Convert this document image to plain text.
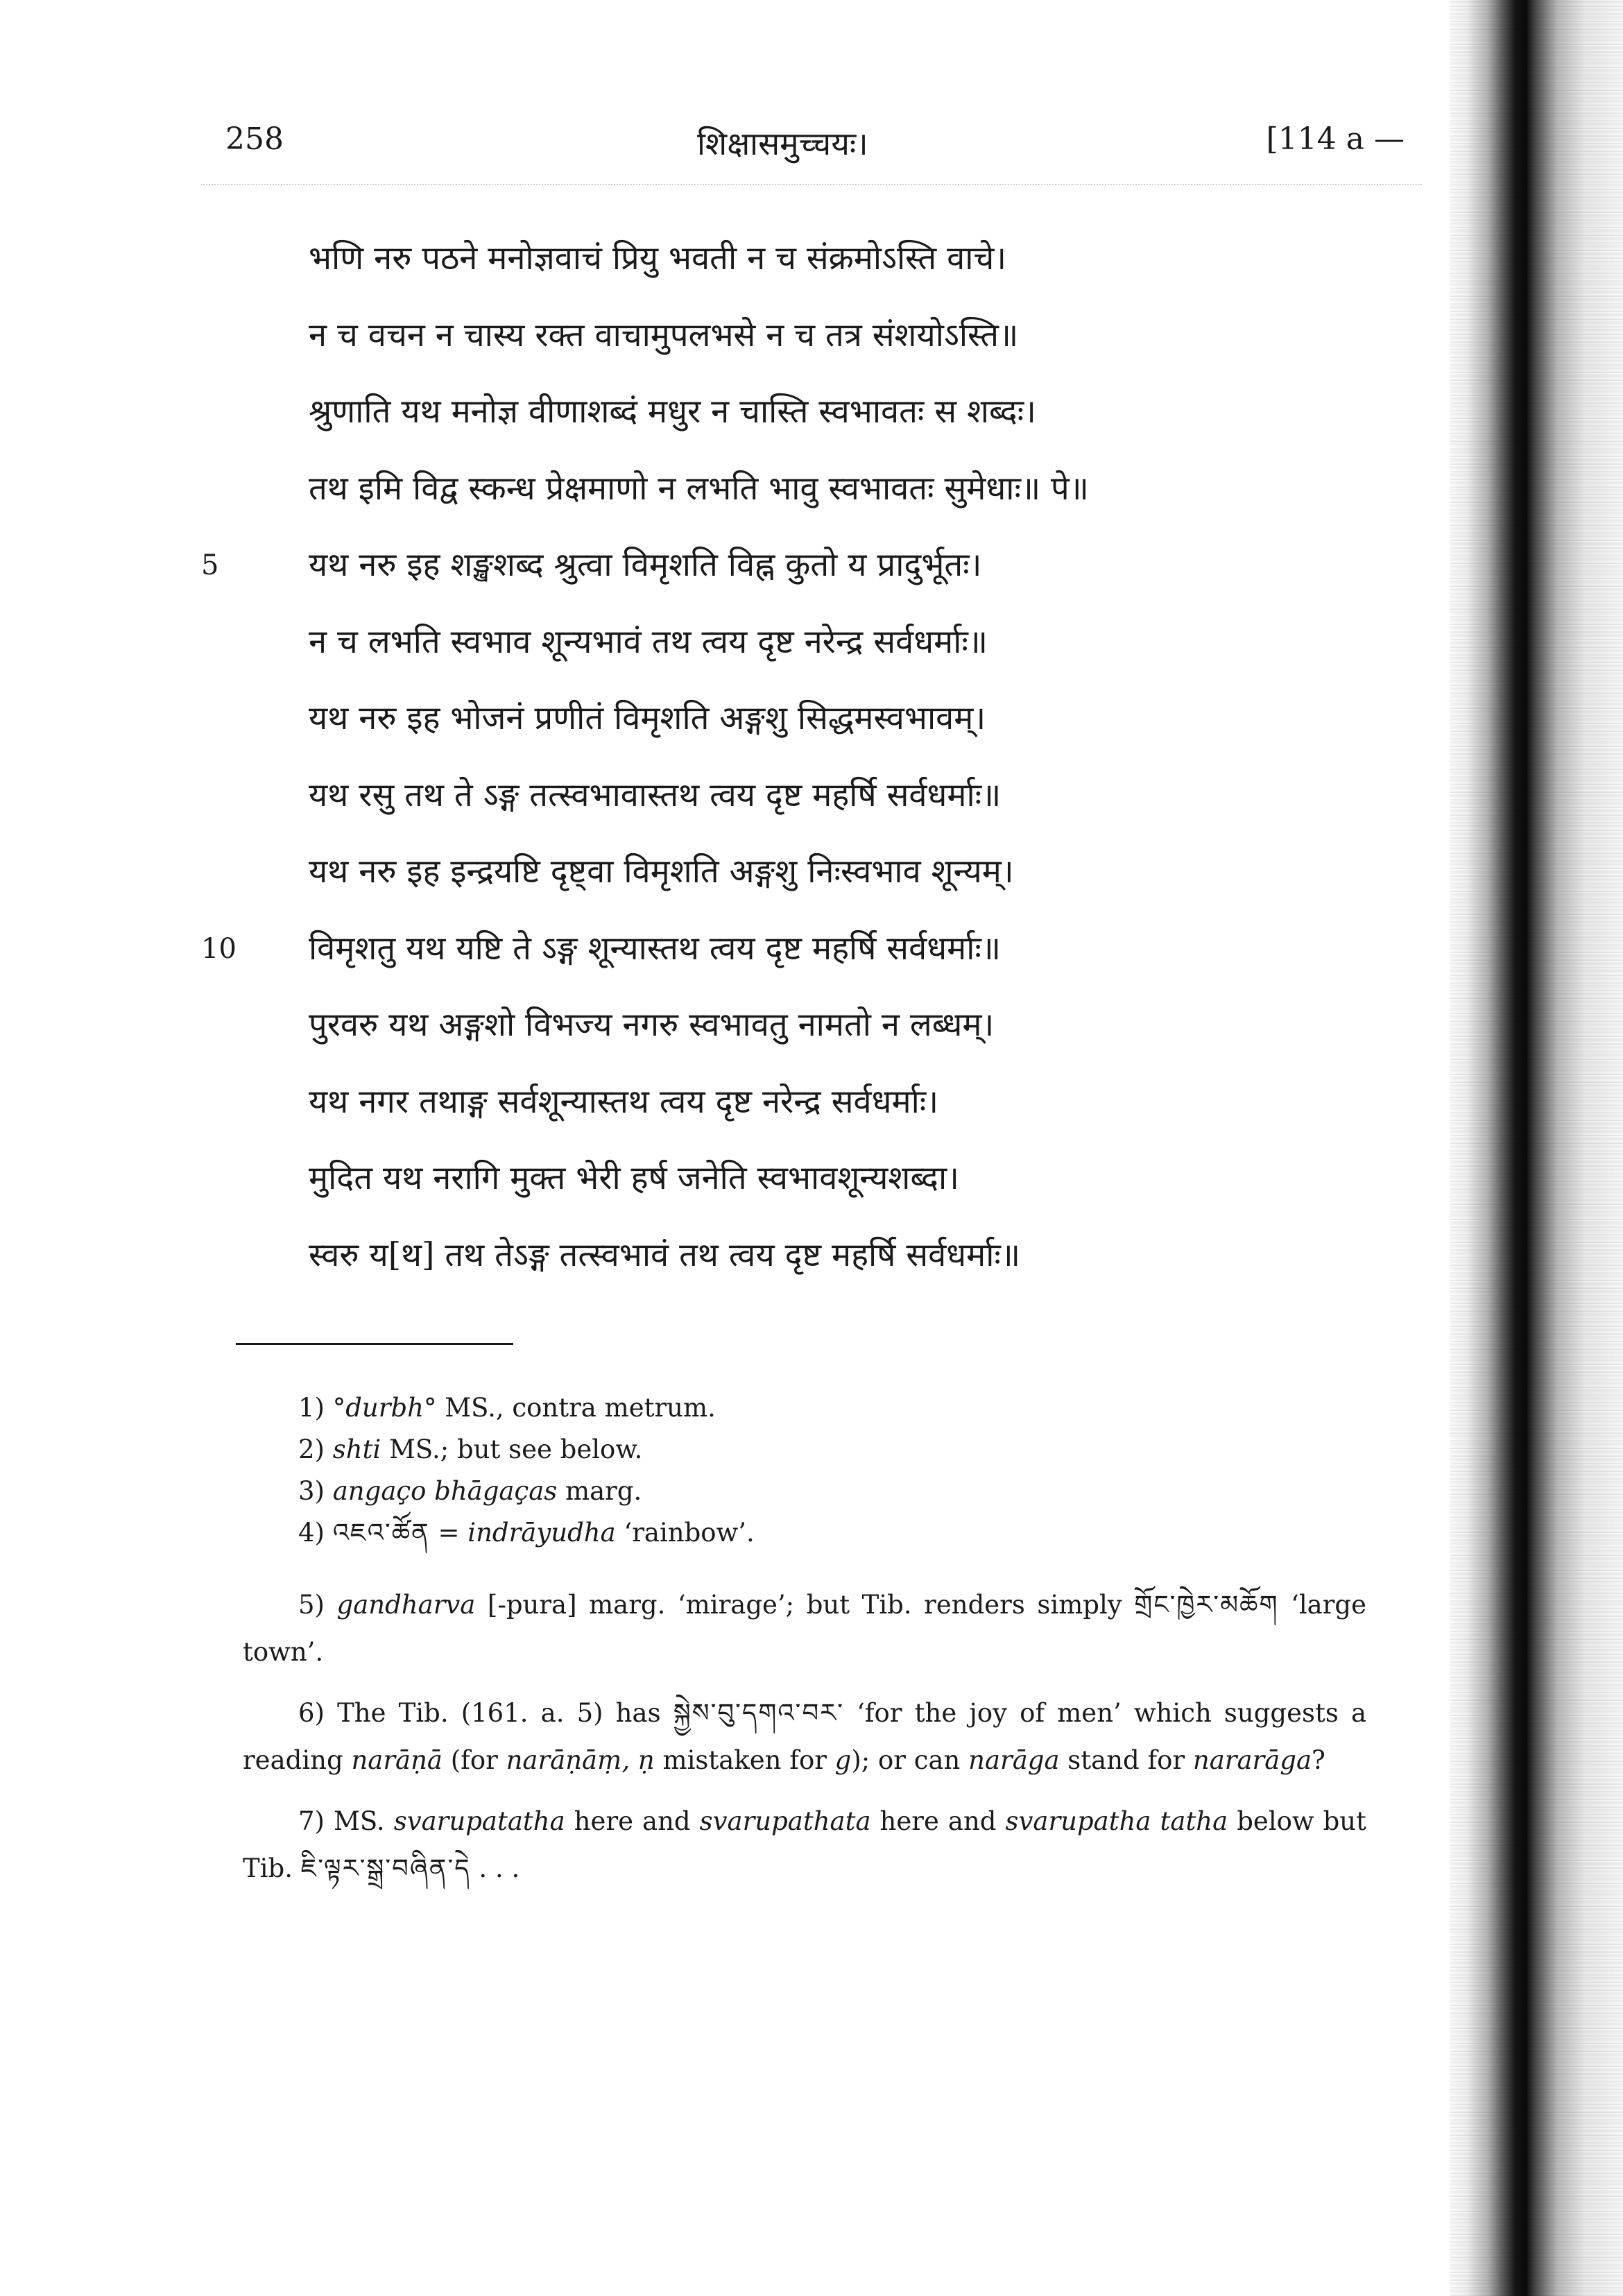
258	शिक्षासमुच्चयः।	[114 a —
भणि नरु पठने मनोज्ञवाचं प्रियु भवती न च संक्रमोऽस्ति वाचे।
न च वचन न चास्य रक्त वाचामुपलभसे न च तत्र संशयोऽस्ति॥
श्रुणाति यथ मनोज्ञ वीणाशब्दं मधुर न चास्ति स्वभावतः स शब्दः।
तथ इमि विद्व स्कन्ध प्रेक्षमाणो न लभति भावु स्वभावतः सुमेधाः॥ पे॥
5	यथ नरु इह शङ्खशब्द श्रुत्वा विमृशति विह्न कुतो य प्रादुर्भूतः।
न च लभति स्वभाव शून्यभावं तथ त्वय दृष्ट नरेन्द्र सर्वधर्माः॥
यथ नरु इह भोजनं प्रणीतं विमृशति अङ्गशु सिद्धमस्वभावम्।
यथ रसु तथ ते ऽङ्ग तत्स्वभावास्तथ त्वय दृष्ट महर्षि सर्वधर्माः॥
यथ नरु इह इन्द्रयष्टि दृष्ट्वा विमृशति अङ्गशु निःस्वभाव शून्यम्।
10 विमृशतु यथ यष्टि ते ऽङ्ग शून्यास्तथ त्वय दृष्ट महर्षि सर्वधर्माः॥
पुरवरु यथ अङ्गशो विभज्य नगरु स्वभावतु नामतो न लब्धम्।
यथ नगर तथाङ्ग सर्वशून्यास्तथ त्वय दृष्ट नरेन्द्र सर्वधर्माः।
मुदित यथ नरागि मुक्त भेरी हर्ष जनेति स्वभावशून्यशब्दा।
स्वरु य[थ] तथ तेऽङ्ग तत्स्वभावं तथ त्वय दृष्ट महर्षि सर्वधर्माः॥
1) °durbh° MS., contra metrum.
2) shti MS.; but see below.
3) angaço bhāgaças marg.
4) འཇའ་ཚོན = indrāyudha ‘rainbow’.
5) gandharva [-pura] marg. ‘mirage’; but Tib. renders simply གྲོང་ཁྱེར་མཆོག ‘large town’.
6) The Tib. (161. a. 5) has སྐྱེས་བུ་དགའ་བར་ ‘for the joy of men’ which suggests a reading narāṇā (for narāṇāṃ, ṇ mistaken for g); or can narāga stand for nararāga?
7) MS. svarupatatha here and svarupathata here and svarupatha tatha below but Tib. ཇི་ལྟར་སྒྲ་བཞིན་དེ . . .
